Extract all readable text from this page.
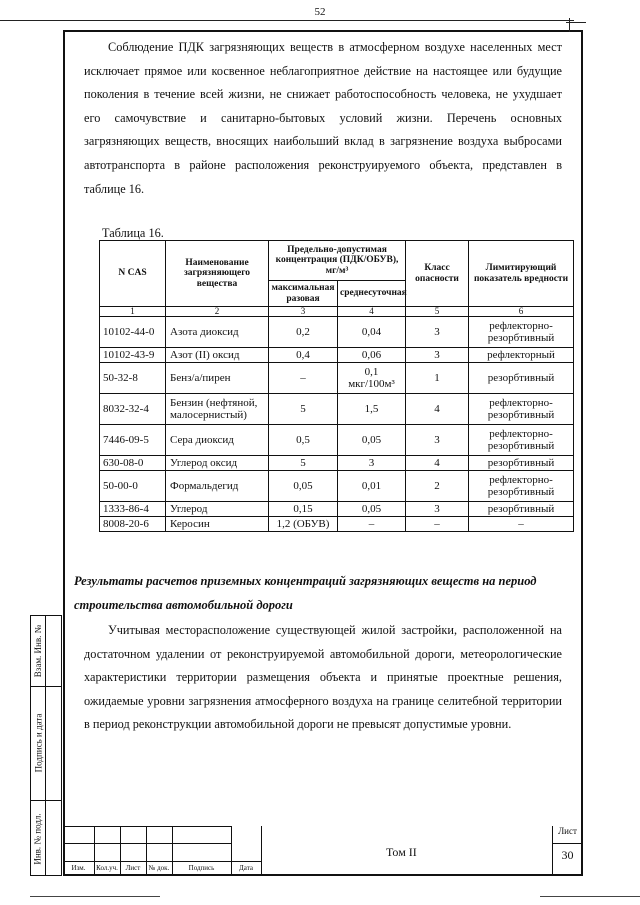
52

Соблюдение ПДК загрязняющих веществ в атмосферном воздухе населенных мест исключает прямое или косвенное неблагоприятное действие на настоящее или будущие поколения в течение всей жизни, не снижает работоспособность человека, не ухудшает его самочувствие и санитарно-бытовых условий жизни. Перечень основных загрязняющих веществ, вносящих наибольший вклад в загрязнение воздуха выбросами автотранспорта в районе расположения реконструируемого объекта, представлен в таблице 16.

Таблица 16.
N CAS	Наименование загрязняющего вещества	Предельно-допустимая концентрация (ПДК/ОБУВ), мг/м³		Класс опасности	Лимитирующий показатель вредности
		максимальная разовая	среднесуточная		
1	2	3	4	5	6
10102-44-0	Азота диоксид	0,2	0,04	3	рефлекторно-резорбтивный
10102-43-9	Азот (II) оксид	0,4	0,06	3	рефлекторный
50-32-8	Бенз/а/пирен	–	0,1 мкг/100м³	1	резорбтивный
8032-32-4	Бензин (нефтяной, малосернистый)	5	1,5	4	рефлекторно-резорбтивный
7446-09-5	Сера диоксид	0,5	0,05	3	рефлекторно-резорбтивный
630-08-0	Углерод оксид	5	3	4	резорбтивный
50-00-0	Формальдегид	0,05	0,01	2	рефлекторно-резорбтивный
1333-86-4	Углерод	0,15	0,05	3	резорбтивный
8008-20-6	Керосин	1,2 (ОБУВ)	–	–	–
Результаты расчетов приземных концентраций загрязняющих веществ на период строительства автомобильной дороги

Учитывая месторасположение существующей жилой застройки, расположенной на достаточном удалении от реконструируемой автомобильной дороги, метеорологические характеристики территории размещения объекта и принятые проектные решения, ожидаемые уровни загрязнения атмосферного воздуха на границе селитебной территории в период реконструкции автомобильной дороги не превысят допустимые уровни.

Взам. Инв. №
Подпись и дата
Инв. № подл.
Изм.	Кол.уч.	Лист	№ док.	Подпись	Дата
Том II
Лист
30
